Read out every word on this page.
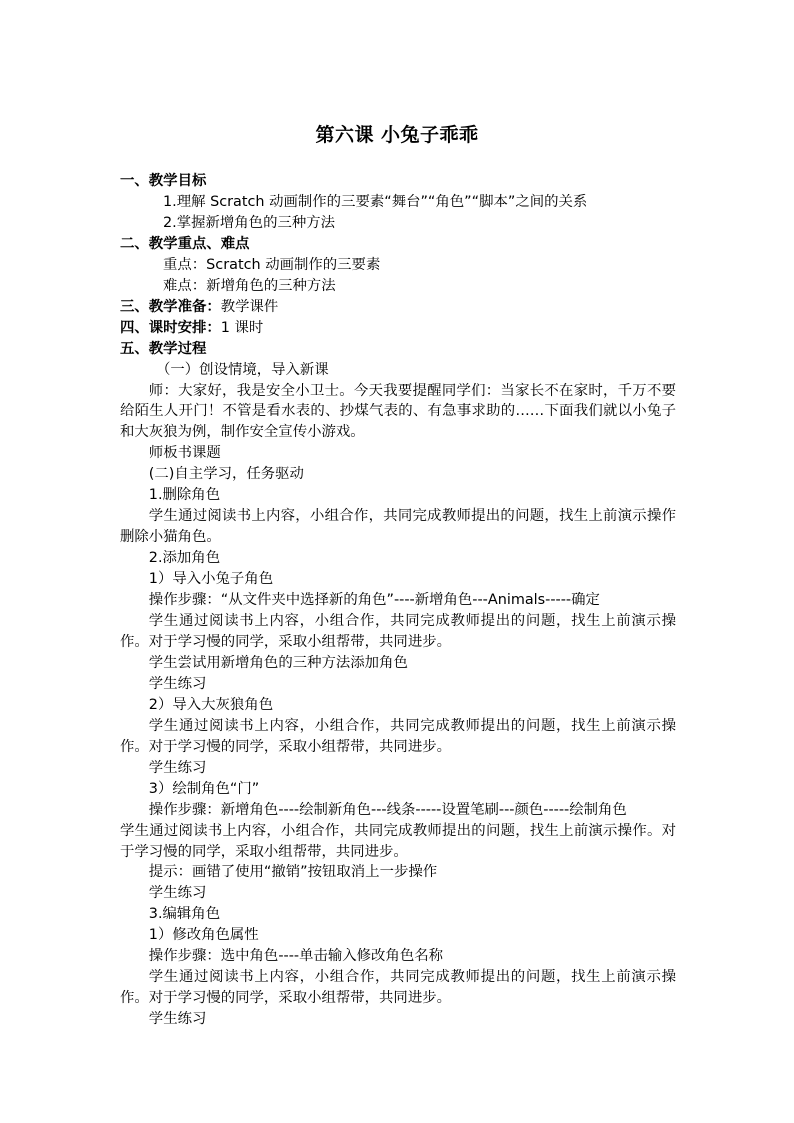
第六课 小兔子乖乖

一、教学目标

1.理解 Scratch 动画制作的三要素“舞台”“角色”“脚本”之间的关系

2.掌握新增角色的三种方法

二、教学重点、难点

重点：Scratch 动画制作的三要素

难点：新增角色的三种方法

三、教学准备：教学课件

四、课时安排：1 课时

五、教学过程

（一）创设情境，导入新课

师：大家好，我是安全小卫士。今天我要提醒同学们：当家长不在家时，千万不要给陌生人开门！不管是看水表的、抄煤气表的、有急事求助的……下面我们就以小兔子和大灰狼为例，制作安全宣传小游戏。

师板书课题

(二)自主学习，任务驱动

1.删除角色

学生通过阅读书上内容，小组合作，共同完成教师提出的问题，找生上前演示操作删除小猫角色。

2.添加角色

1）导入小兔子角色

操作步骤：“从文件夹中选择新的角色”----新增角色---Animals-----确定

学生通过阅读书上内容，小组合作，共同完成教师提出的问题，找生上前演示操作。对于学习慢的同学，采取小组帮带，共同进步。

学生尝试用新增角色的三种方法添加角色

学生练习

2）导入大灰狼角色

学生通过阅读书上内容，小组合作，共同完成教师提出的问题，找生上前演示操作。对于学习慢的同学，采取小组帮带，共同进步。

学生练习

3）绘制角色“门”

操作步骤：新增角色----绘制新角色---线条-----设置笔刷---颜色-----绘制角色

学生通过阅读书上内容，小组合作，共同完成教师提出的问题，找生上前演示操作。对于学习慢的同学，采取小组帮带，共同进步。

提示：画错了使用“撤销”按钮取消上一步操作

学生练习

3.编辑角色

1）修改角色属性

操作步骤：选中角色----单击输入修改角色名称

学生通过阅读书上内容，小组合作，共同完成教师提出的问题，找生上前演示操作。对于学习慢的同学，采取小组帮带，共同进步。

学生练习
